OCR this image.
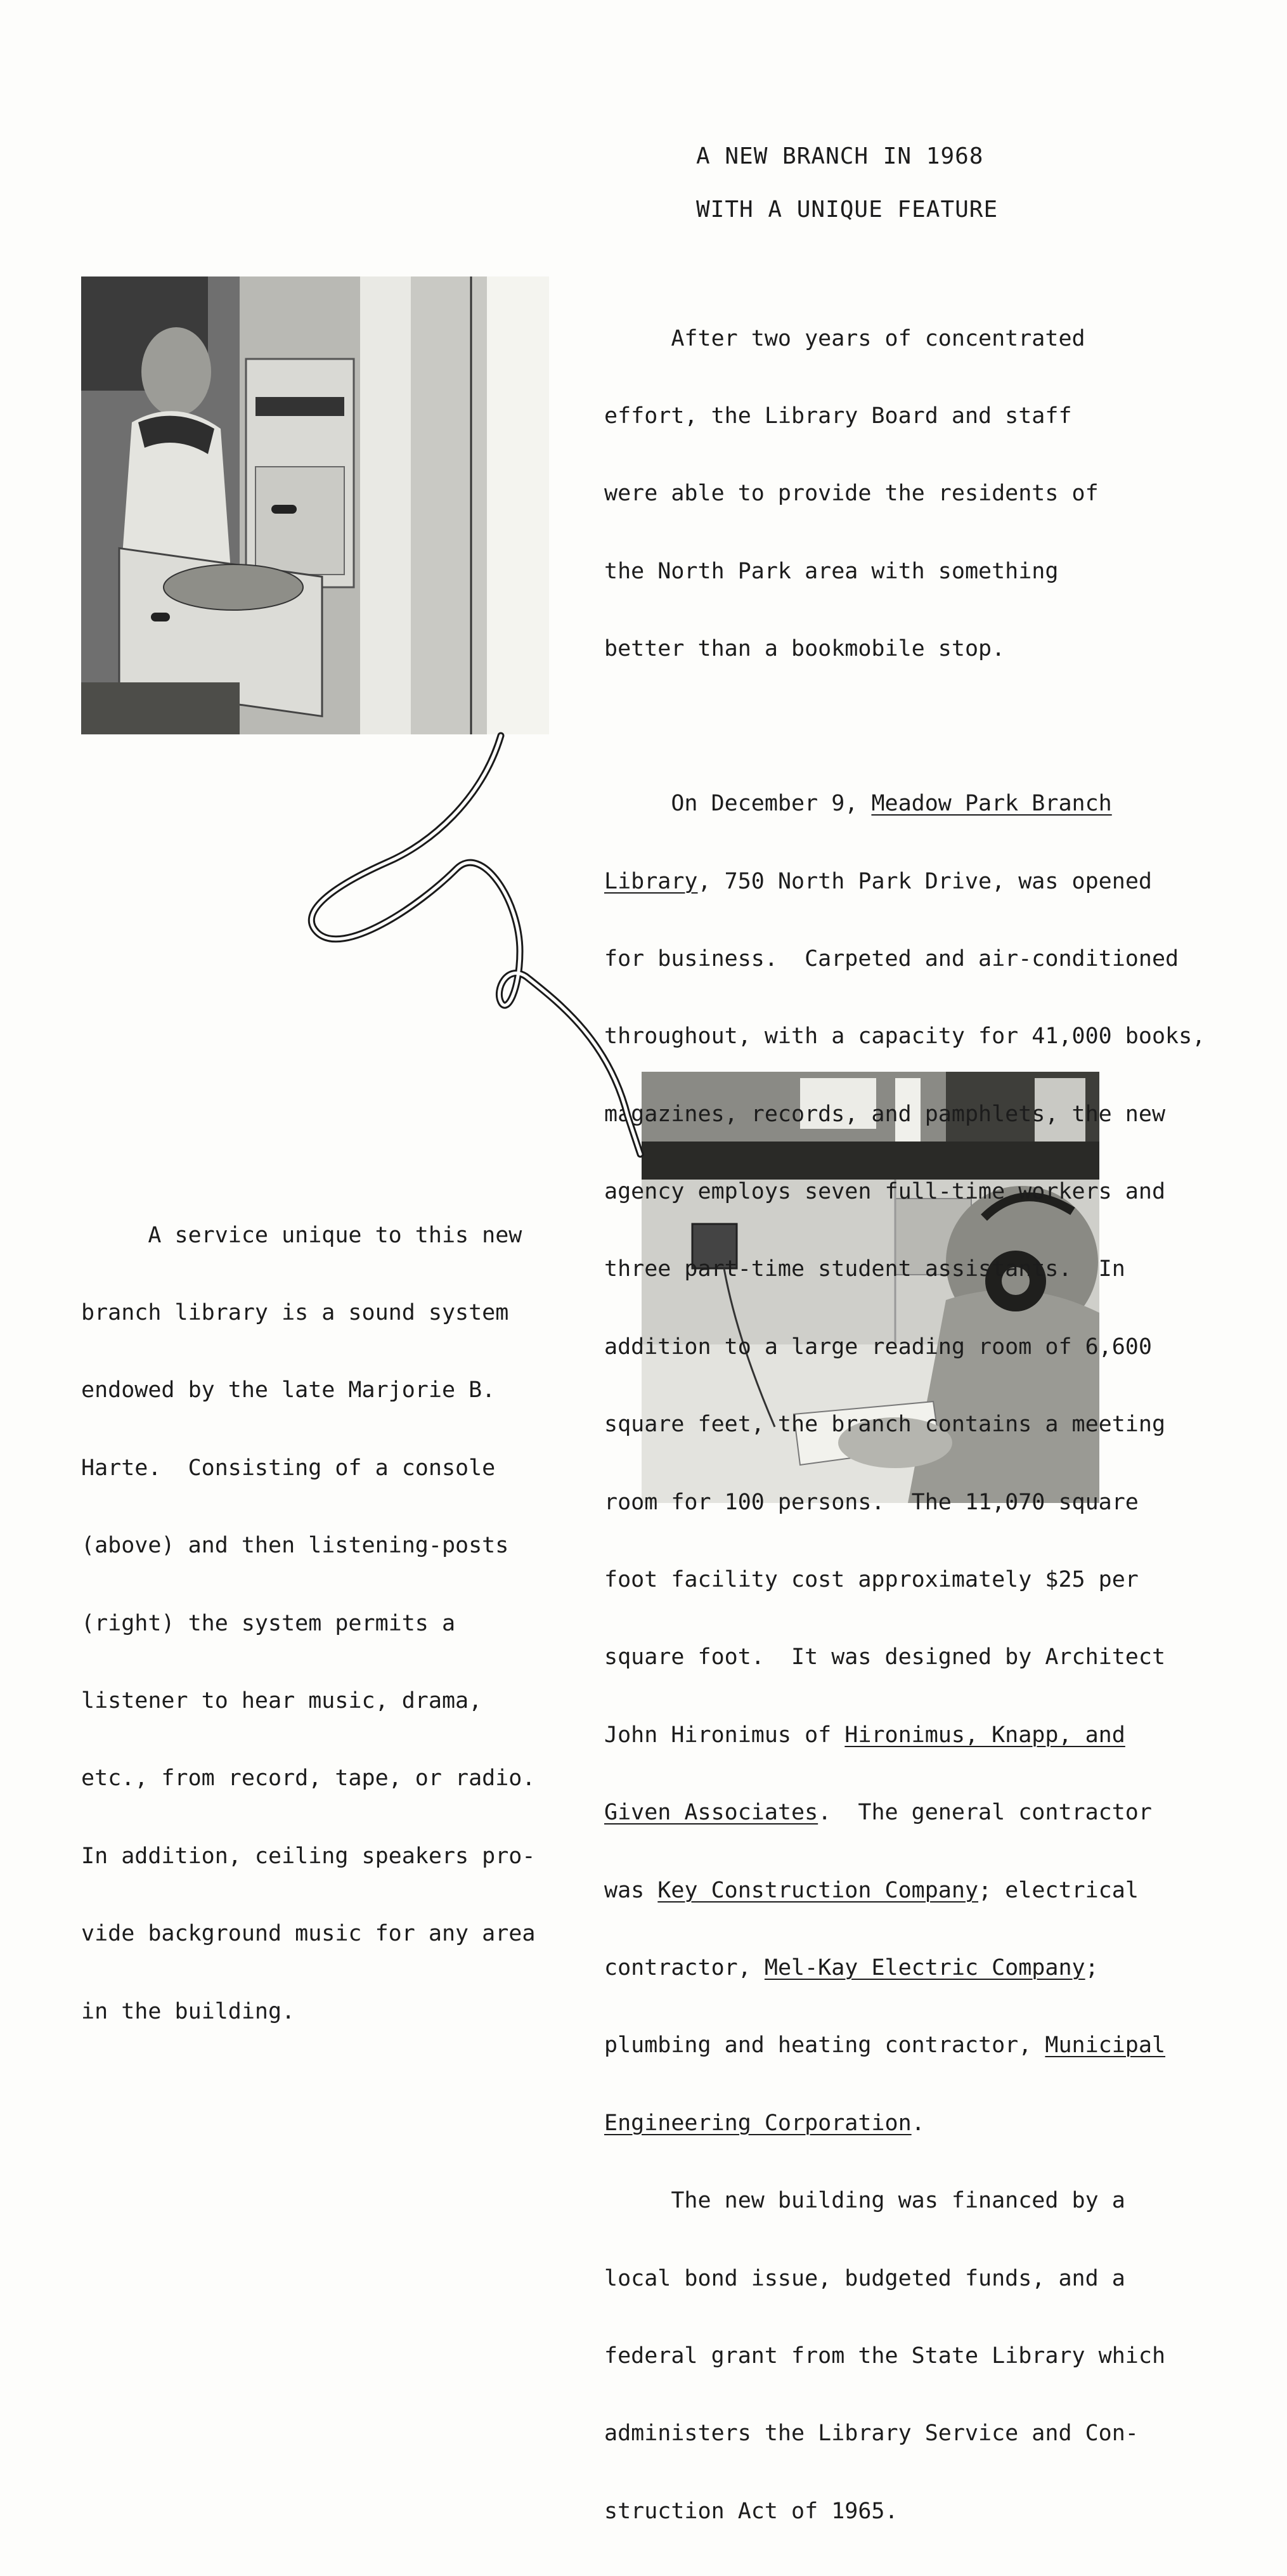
A NEW BRANCH IN 1968
WITH A UNIQUE FEATURE

After two years of concentrated

effort, the Library Board and staff

were able to provide the residents of

the North Park area with something

better than a bookmobile stop.

On December 9, Meadow Park Branch

Library, 750 North Park Drive, was opened

for business.  Carpeted and air-conditioned

throughout, with a capacity for 41,000 books,

magazines, records, and pamphlets, the new

agency employs seven full-time workers and

three part-time student assistants.  In

addition to a large reading room of 6,600

square feet, the branch contains a meeting

room for 100 persons.  The 11,070 square

foot facility cost approximately $25 per

square foot.  It was designed by Architect

John Hironimus of Hironimus, Knapp, and

Given Associates.  The general contractor

was Key Construction Company; electrical

contractor, Mel-Kay Electric Company;

plumbing and heating contractor, Municipal

Engineering Corporation.

The new building was financed by a

local bond issue, budgeted funds, and a

federal grant from the State Library which

administers the Library Service and Con-

struction Act of 1965.

A service unique to this new

branch library is a sound system

endowed by the late Marjorie B.

Harte.  Consisting of a console

(above) and then listening-posts

(right) the system permits a

listener to hear music, drama,

etc., from record, tape, or radio.

In addition, ceiling speakers pro-

vide background music for any area

in the building.
